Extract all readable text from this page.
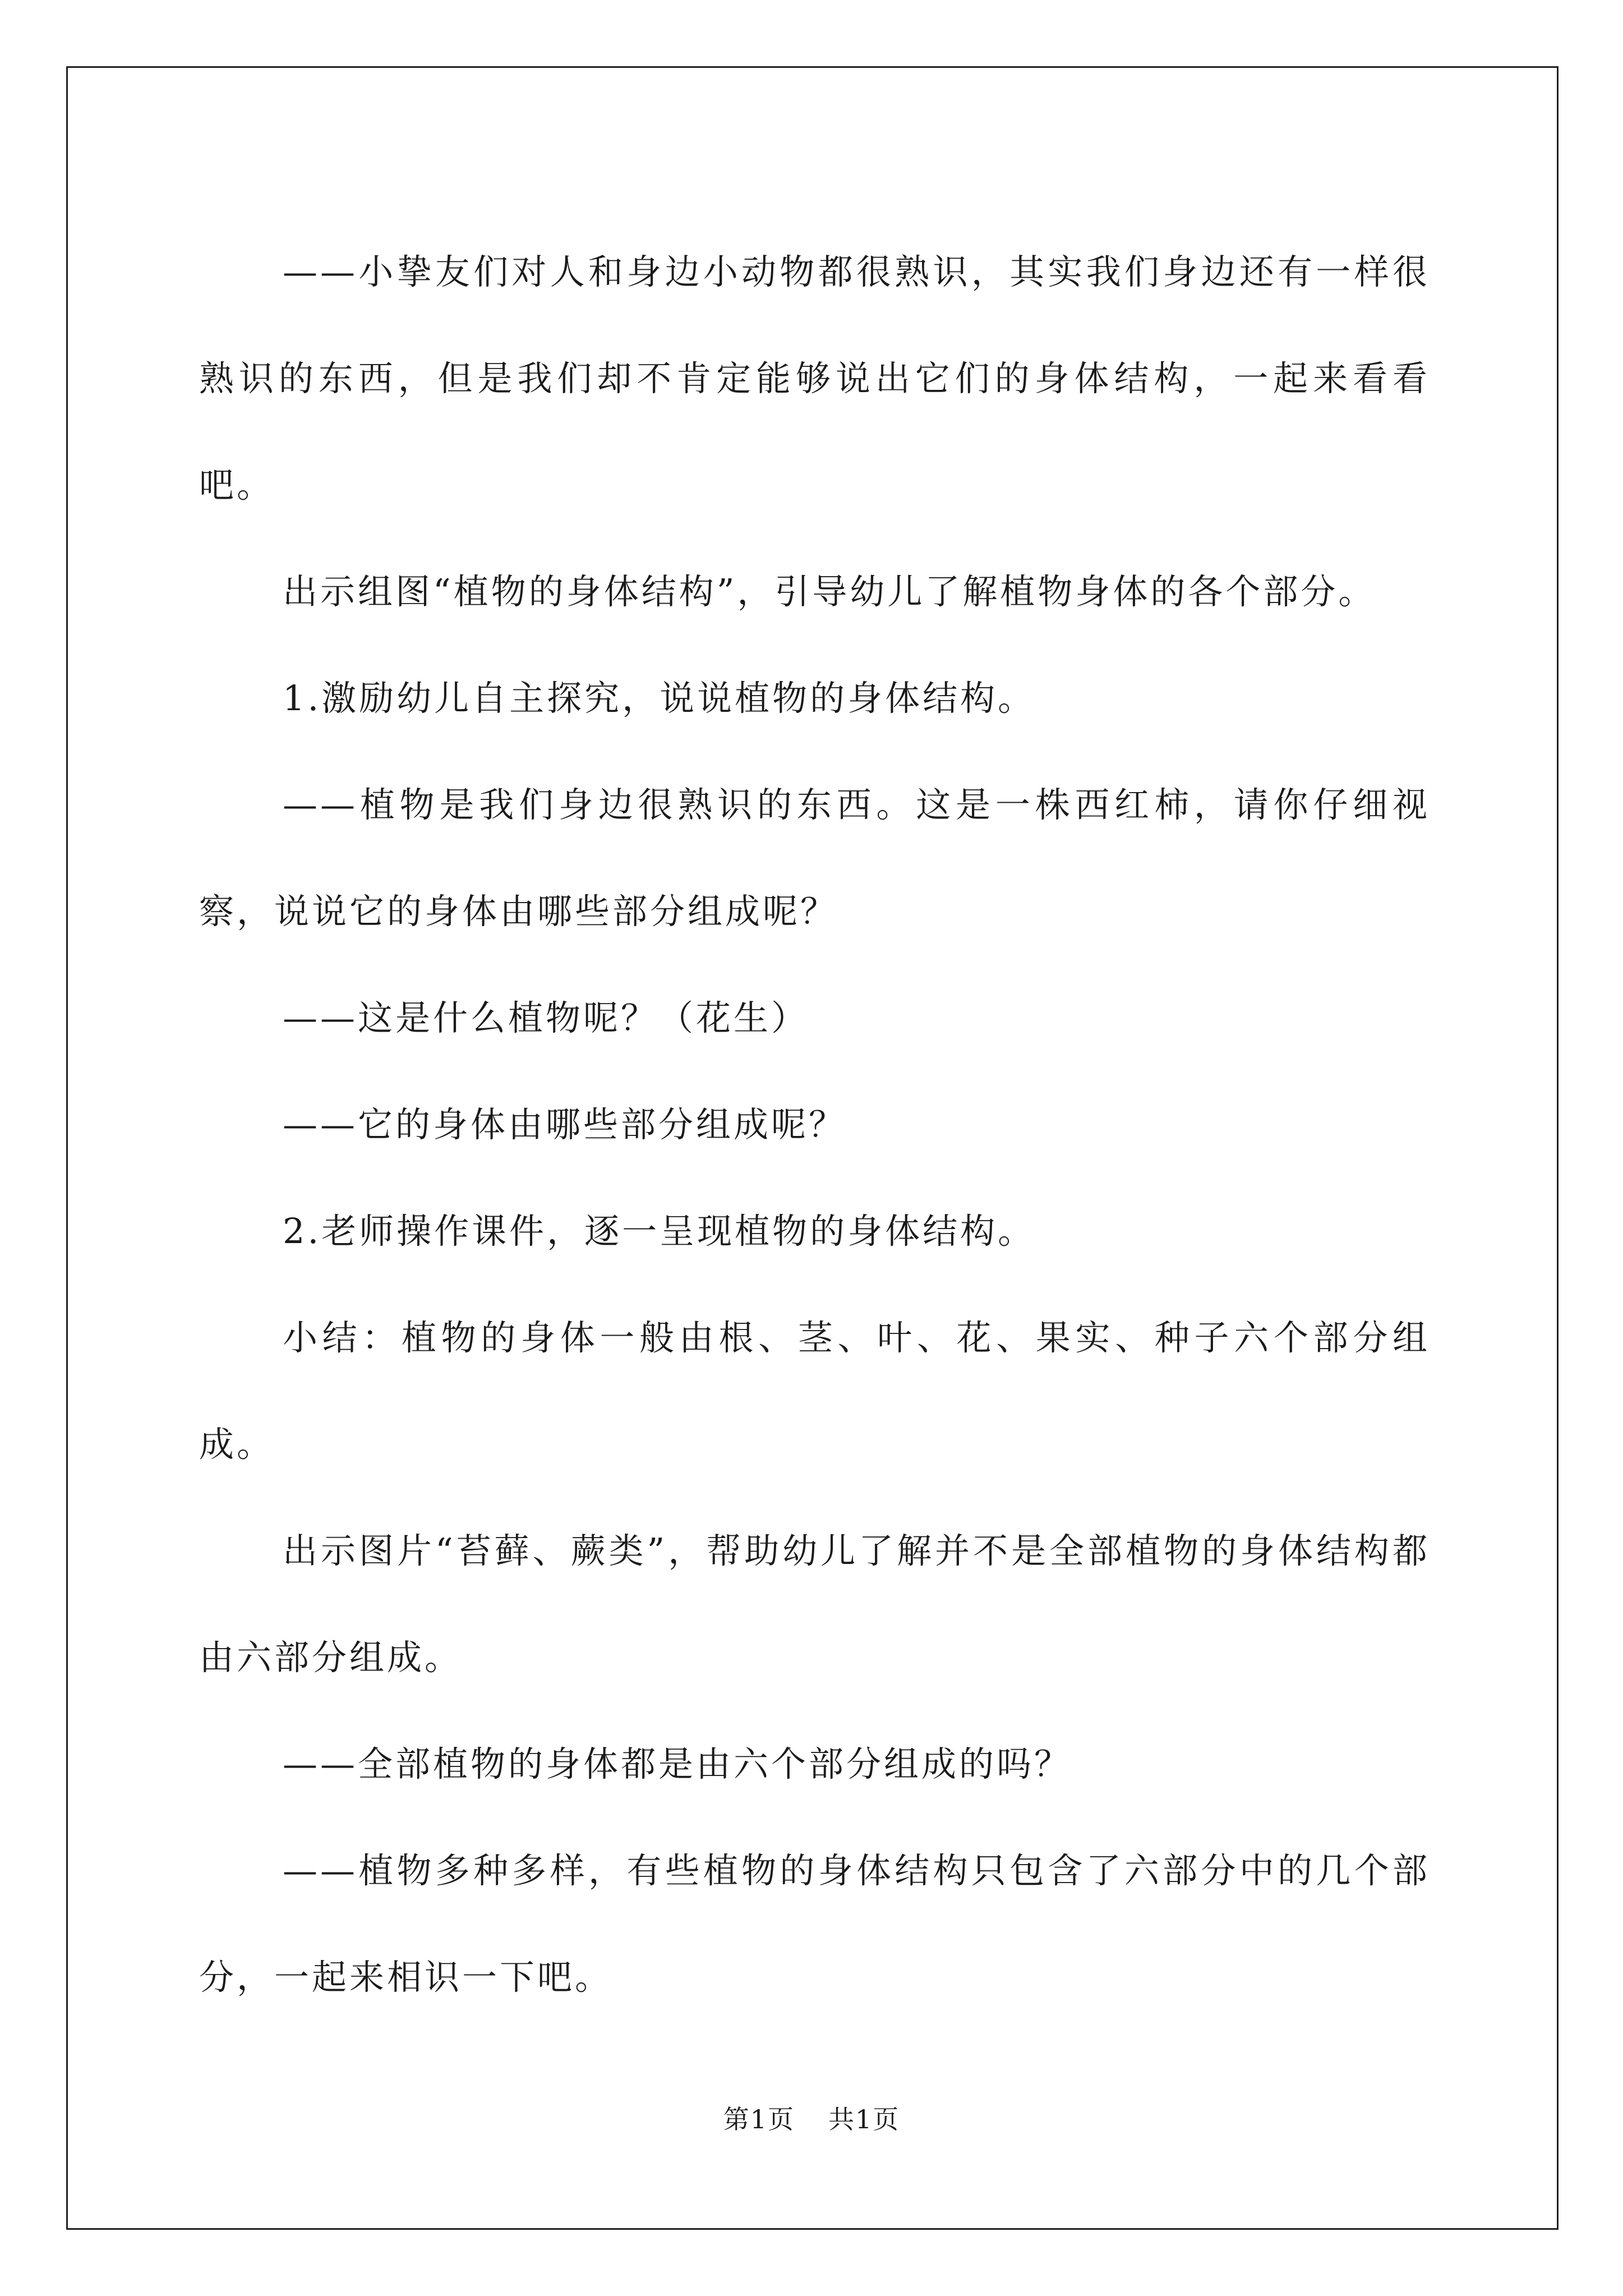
——小挚友们对人和身边小动物都很熟识，其实我们身边还有一样很熟识的东西，但是我们却不肯定能够说出它们的身体结构，一起来看看吧。

出示组图“植物的身体结构”，引导幼儿了解植物身体的各个部分。

1.激励幼儿自主探究，说说植物的身体结构。

——植物是我们身边很熟识的东西。这是一株西红柿，请你仔细视察，说说它的身体由哪些部分组成呢？

——这是什么植物呢？（花生）

——它的身体由哪些部分组成呢？

2.老师操作课件，逐一呈现植物的身体结构。

小结：植物的身体一般由根、茎、叶、花、果实、种子六个部分组成。

出示图片“苔藓、蕨类”，帮助幼儿了解并不是全部植物的身体结构都由六部分组成。

——全部植物的身体都是由六个部分组成的吗？

——植物多种多样，有些植物的身体结构只包含了六部分中的几个部分，一起来相识一下吧。

第1页 共1页
